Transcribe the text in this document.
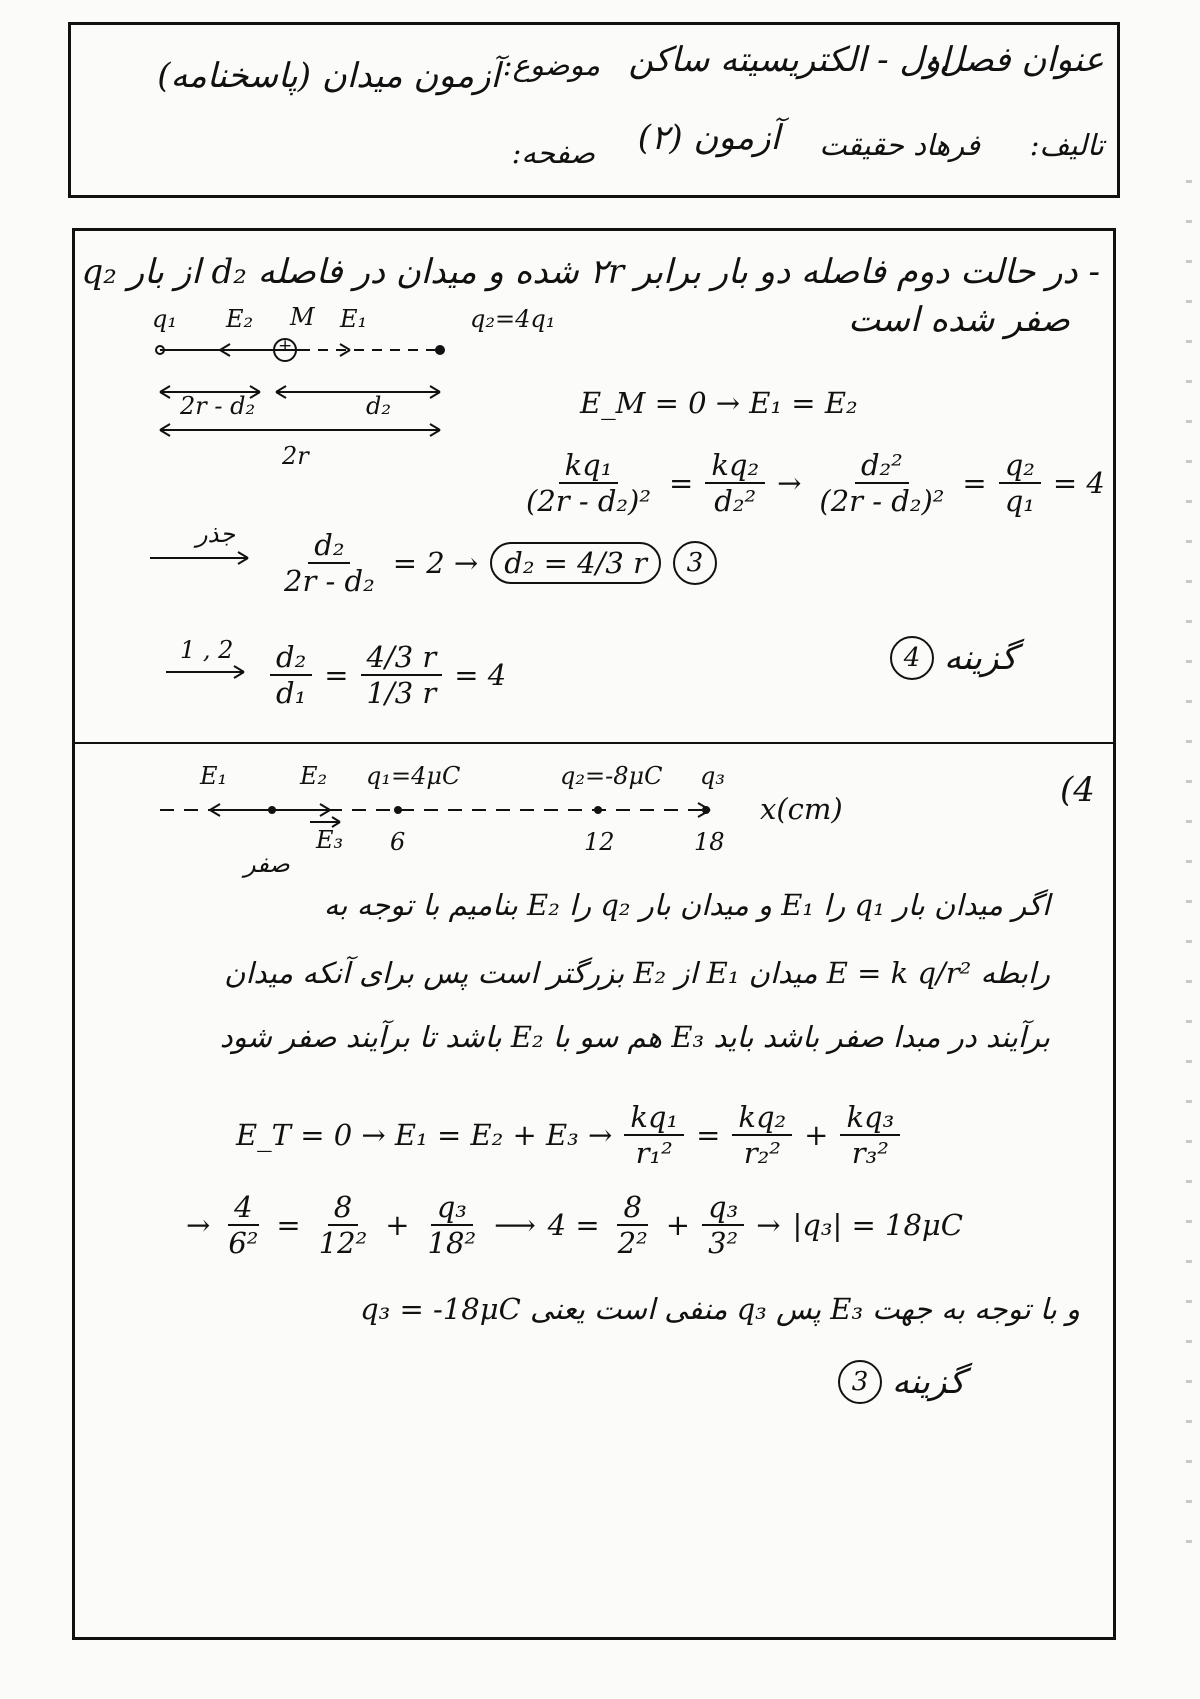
عنوان فصل:
اول - الکتریسیته ساکن
موضوع:
آزمون میدان (پاسخنامه)
تالیف:
فرهاد حقیقت
آزمون (۲)
صفحه:
- در حالت دوم فاصله دو بار برابر ۲r شده و میدان در فاصله d₂ از بار q₂
صفر شده است
q₁ E₂ M E₁	q₂=4q₁
+
2r - d₂	d₂
2r
E_M = 0 → E₁ = E₂
$\frac{\text{kq₁}}{\text{(2r - d₂)²}} = \frac{\text{kq₂}}{\text{d₂²}} \to \frac{\text{d₂²}}{\text{(2r - d₂)²}} = \frac{\text{q₂}}{\text{q₁}} = 4$
جذر $\frac{\text{d₂}}{\text{2r - d₂}} = 2 \to d_2 = 4/3$ r	3
1 , $2 \frac{\text{d₂}}{\text{d₁}} = \frac{4/3 r}{1/3 r} = 4$	4 گزینه
(4
E₁	E₂ q₁=4μC	q₂=-8μC q₃
x(cm)
E₃
صفر
6	12	18
اگر میدان بار q₁ را E₁ و میدان بار q₂ را E₂ بنامیم با توجه به
رابطه E = k q/r² میدان E₁ از E₂ بزرگتر است پس برای آنکه میدان
برآیند در مبدا صفر باشد باید E₃ هم سو با E₂ باشد تا برآیند صفر شود
E_T = $0 \to E_1 = E_2 + E_3 \to \frac{\text{kq₁}}{\text{r₁²}} = \frac{\text{kq₂}}{\text{r₂²}} + \frac{\text{kq₃}}{\text{r₃²}}$
→ $\frac{4}{\text{6²}} = \frac{8}{\text{12²}} + \frac{\text{q₃}}{\text{18²}}$ ⟶ $4 = \frac{8}{\text{2²}} + \frac{\text{q₃}}{\text{3²}} \to |q_3| = 18\mu C$
و با توجه به جهت E₃ پس q₃ منفی است یعنی q₃ = -18μC
3 گزینه
